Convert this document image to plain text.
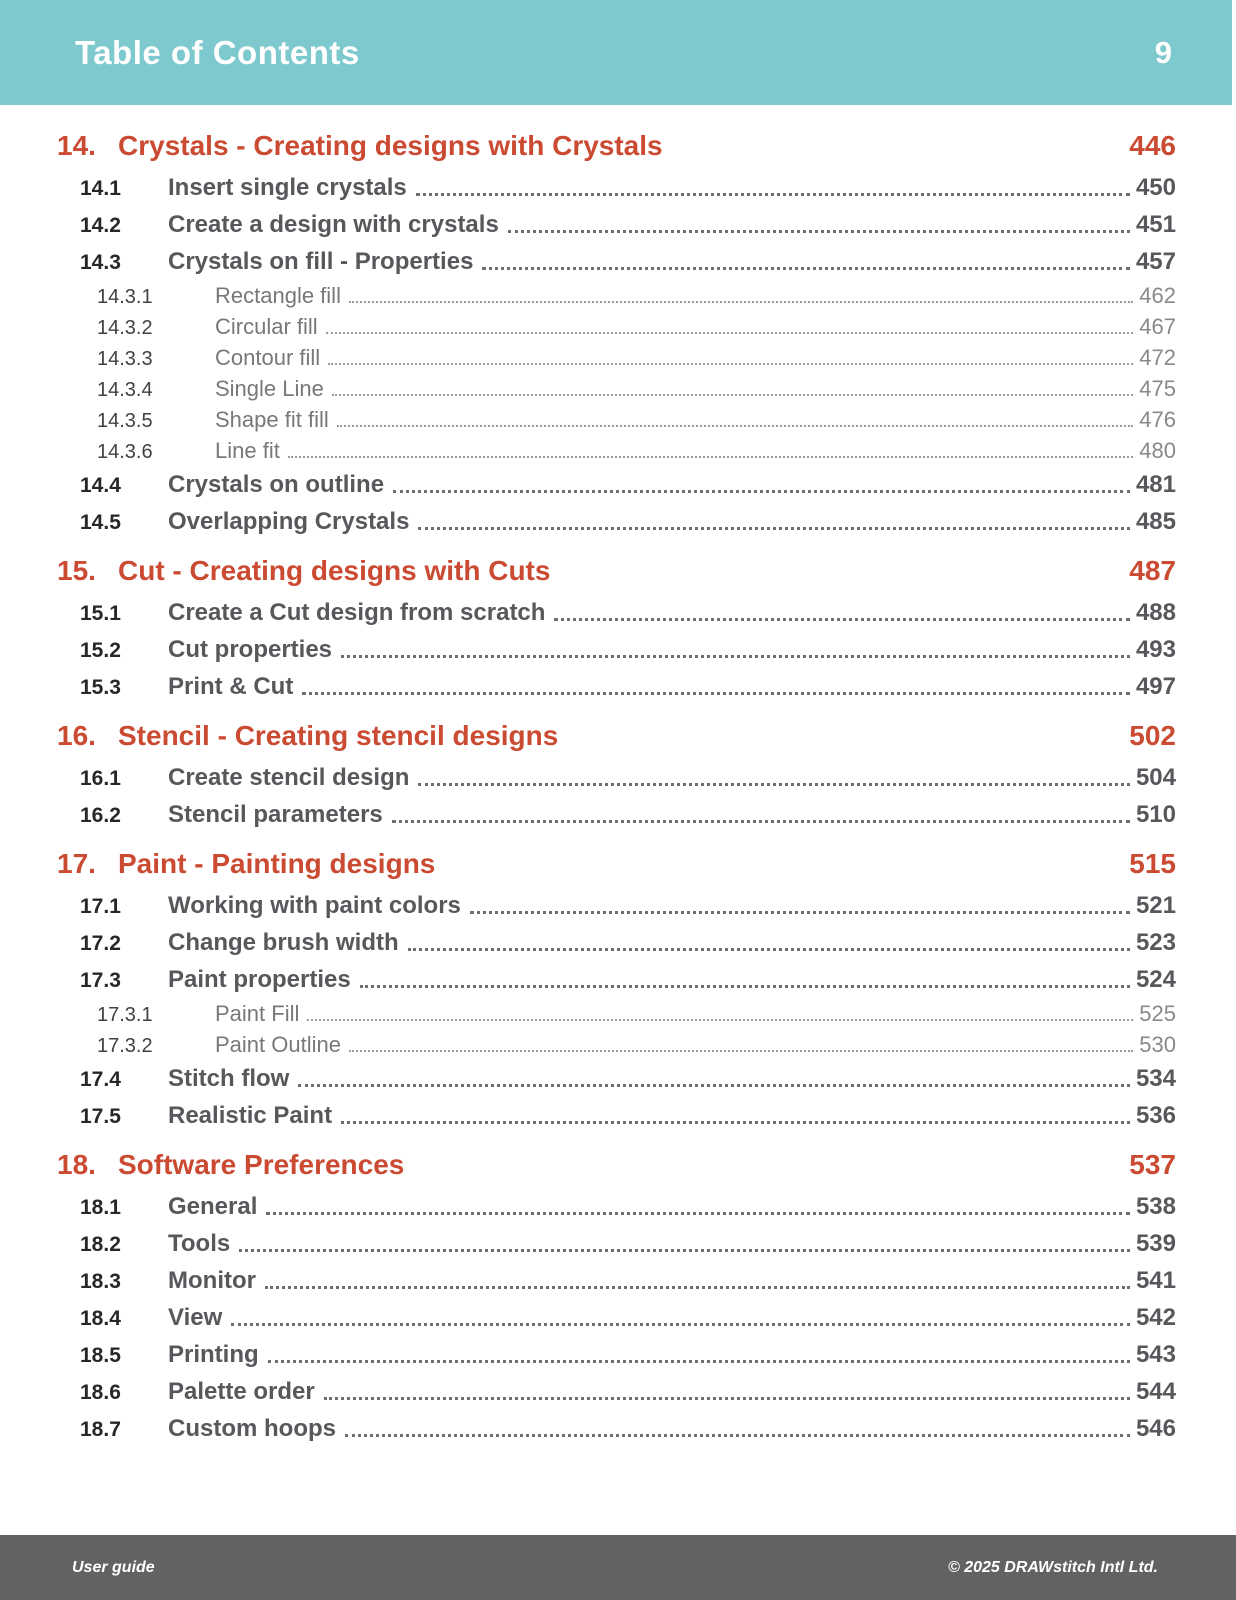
Table of Contents	9
14. Crystals - Creating designs with Crystals	446
14.1	Insert single crystals	450
14.2	Create a design with crystals	451
14.3	Crystals on fill - Properties	457
14.3.1	Rectangle fill	462
14.3.2	Circular fill	467
14.3.3	Contour fill	472
14.3.4	Single Line	475
14.3.5	Shape fit fill	476
14.3.6	Line fit	480
14.4	Crystals on outline	481
14.5	Overlapping Crystals	485
15. Cut - Creating designs with Cuts	487
15.1	Create a Cut design from scratch	488
15.2	Cut properties	493
15.3	Print & Cut	497
16. Stencil - Creating stencil designs	502
16.1	Create stencil design	504
16.2	Stencil parameters	510
17. Paint - Painting designs	515
17.1	Working with paint colors	521
17.2	Change brush width	523
17.3	Paint properties	524
17.3.1	Paint Fill	525
17.3.2	Paint Outline	530
17.4	Stitch flow	534
17.5	Realistic Paint	536
18. Software Preferences	537
18.1	General	538
18.2	Tools	539
18.3	Monitor	541
18.4	View	542
18.5	Printing	543
18.6	Palette order	544
18.7	Custom hoops	546
User guide	© 2025 DRAWstitch Intl Ltd.
